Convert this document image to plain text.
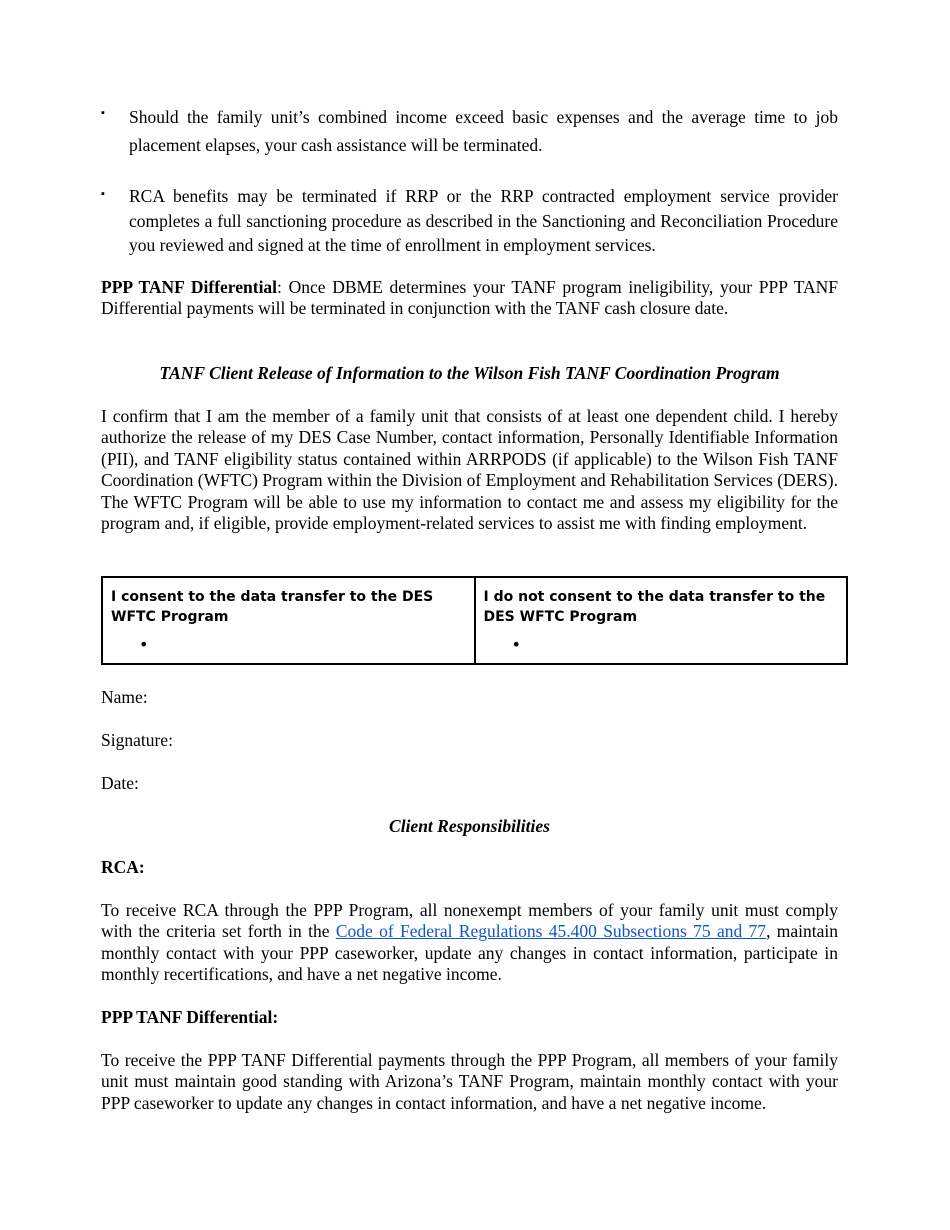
▪ Should the family unit’s combined income exceed basic expenses and the average time to job placement elapses, your cash assistance will be terminated.
▪ RCA benefits may be terminated if RRP or the RRP contracted employment service provider completes a full sanctioning procedure as described in the Sanctioning and Reconciliation Procedure you reviewed and signed at the time of enrollment in employment services.
PPP TANF Differential: Once DBME determines your TANF program ineligibility, your PPP TANF Differential payments will be terminated in conjunction with the TANF cash closure date.
TANF Client Release of Information to the Wilson Fish TANF Coordination Program
I confirm that I am the member of a family unit that consists of at least one dependent child. I hereby authorize the release of my DES Case Number, contact information, Personally Identifiable Information (PII), and TANF eligibility status contained within ARRPODS (if applicable) to the Wilson Fish TANF Coordination (WFTC) Program within the Division of Employment and Rehabilitation Services (DERS). The WFTC Program will be able to use my information to contact me and assess my eligibility for the program and, if eligible, provide employment-related services to assist me with finding employment.
I consent to the data transfer to the DES WFTC Program
•

I do not consent to the data transfer to the DES WFTC Program
•
Name:
Signature:
Date:
Client Responsibilities
RCA:
To receive RCA through the PPP Program, all nonexempt members of your family unit must comply with the criteria set forth in the Code of Federal Regulations 45.400 Subsections 75 and 77, maintain monthly contact with your PPP caseworker, update any changes in contact information, participate in monthly recertifications, and have a net negative income.
PPP TANF Differential:
To receive the PPP TANF Differential payments through the PPP Program, all members of your family unit must maintain good standing with Arizona’s TANF Program, maintain monthly contact with your PPP caseworker to update any changes in contact information, and have a net negative income.
